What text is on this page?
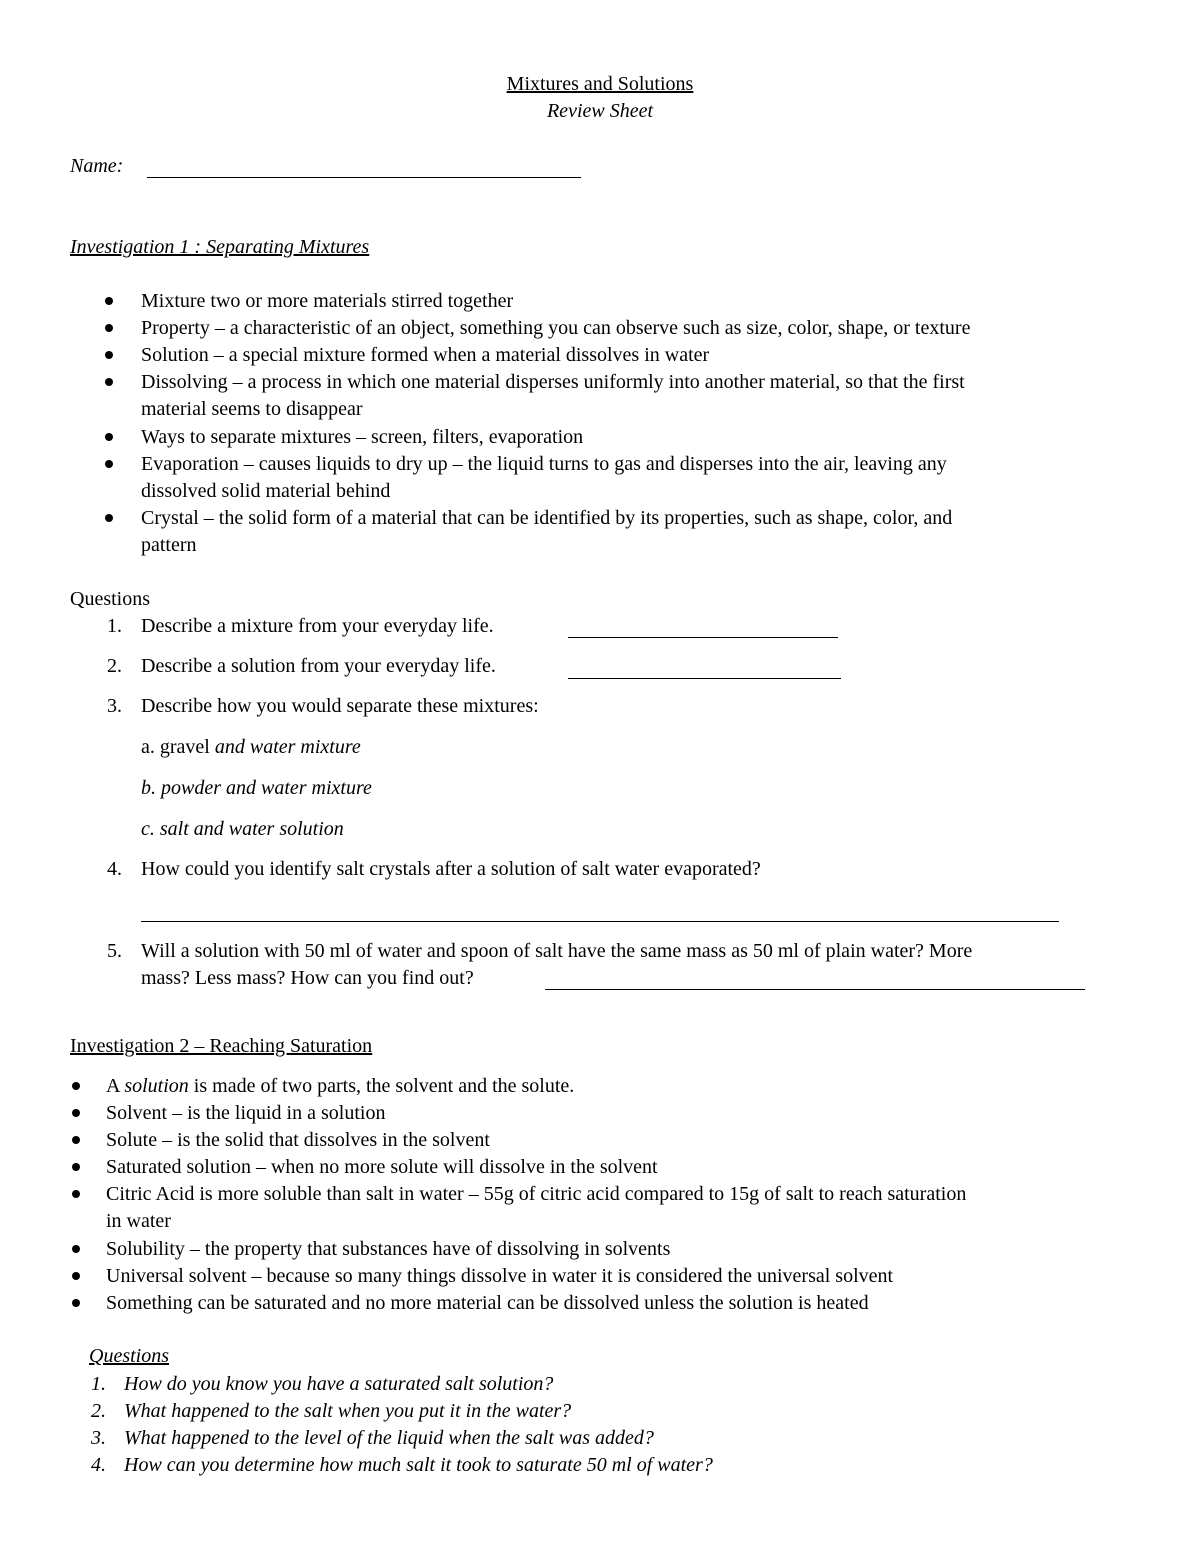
Mixtures and Solutions
Review Sheet
Name:
Investigation 1 : Separating Mixtures
Mixture two or more materials stirred together
Property – a characteristic of an object, something you can observe such as size, color, shape, or texture
Solution – a special mixture formed when a material dissolves in water
Dissolving – a process in which one material disperses uniformly into another material, so that the first
material seems to disappear
Ways to separate mixtures – screen, filters, evaporation
Evaporation – causes liquids to dry up – the liquid turns to gas and disperses into the air, leaving any
dissolved solid material behind
Crystal – the solid form of a material that can be identified by its properties, such as shape, color, and
pattern
Questions
1. Describe a mixture from your everyday life.
2. Describe a solution from your everyday life.
3. Describe how you would separate these mixtures:
a. gravel and water mixture
b. powder and water mixture
c. salt and water solution
4. How could you identify salt crystals after a solution of salt water evaporated?
5. Will a solution with 50 ml of water and spoon of salt have the same mass as 50 ml of plain water? More
mass? Less mass? How can you find out?
Investigation 2 – Reaching Saturation
A solution is made of two parts, the solvent and the solute.
Solvent – is the liquid in a solution
Solute – is the solid that dissolves in the solvent
Saturated solution – when no more solute will dissolve in the solvent
Citric Acid is more soluble than salt in water – 55g of citric acid compared to 15g of salt to reach saturation
in water
Solubility – the property that substances have of dissolving in solvents
Universal solvent – because so many things dissolve in water it is considered the universal solvent
Something can be saturated and no more material can be dissolved unless the solution is heated
Questions
1. How do you know you have a saturated salt solution?
2. What happened to the salt when you put it in the water?
3. What happened to the level of the liquid when the salt was added?
4. How can you determine how much salt it took to saturate 50 ml of water?
